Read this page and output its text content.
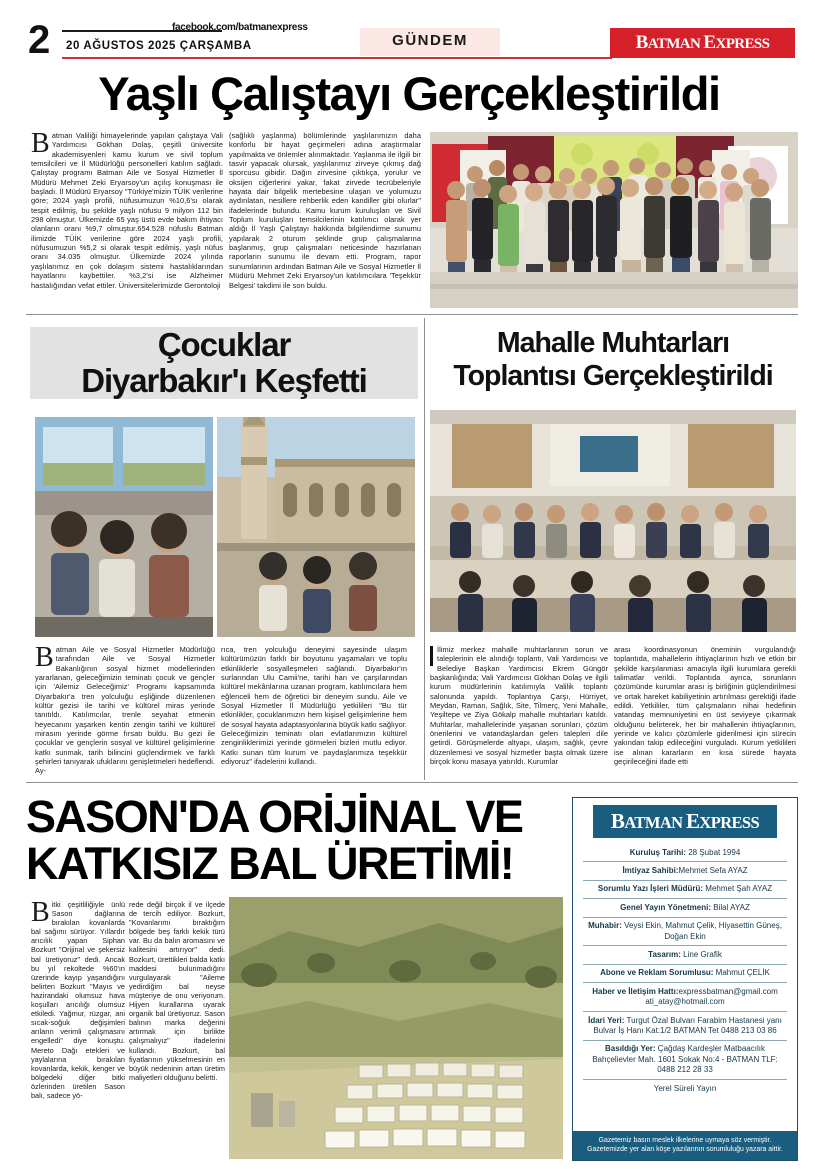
2	facebook.com/batmanexpress
20 AĞUSTOS 2025 ÇARŞAMBA	GÜNDEM	BATMAN EXPRESS
Yaşlı Çalıştayı Gerçekleştirildi
Batman Valiliği himayelerinde yapılan çalıştaya Vali Yardımcısı Gökhan Dolaş, çeşitli üniversite akademisyenleri kamu kurum ve sivil toplum temsilcileri ve İl Müdürlüğü personelleri katılım sağladı. Çalıştay programı Batman Aile ve Sosyal Hizmetler İl Müdürü Mehmet Zeki Eryarsoy'un açılış konuşması ile başladı. İl Müdürü Eryarsoy "Türkiye'mizin TÜİK verilerine göre; 2024 yaşlı profili, nüfusumuzun %10,6'sı olarak tespit edilmiş, bu şekilde yaşlı nüfusu 9 milyon 112 bin 298 olmuştur. Ülkemizde 65 yaş üstü evde bakım ihtiyacı olanların oranı %9,7 olmuştur.654.528 nüfuslu Batman ilimizde TÜİK verilerine göre 2024 yaşlı profili, nüfusumuzun %5,2 si olarak tespit edilmiş, yaşlı nüfus oranı 34.035 olmuştur. Ülkemizde 2024 yılında yaşlılarımız en çok dolaşım sistemi hastalıklarından hayatlarını kaybettiler. %3,2'si ise Alzheimer hastalığından vefat ettiler. Üniversitelerimizde Gerontoloji
(sağlıklı yaşlanma) bölümlerinde yaşlılarımızın daha konforlu bir hayat geçirmeleri adına araştırmalar yapılmakta ve önlemler alınmaktadır. Yaşlanma ile ilgili bir tasvir yapacak olursak, yaşlılarımız zirveye çıkmış dağ sporcusu gibidir. Dağın zirvesine çıktıkça, yorulur ve oksijen ciğerlerini yakar, fakat zirvede tecrübeleriyle hayata dair bilgelik mertebesine ulaşan ve yolumuzu aydınlatan, nesillere rehberlik eden kandiller gibi olurlar" ifadelerinde bulundu. Kamu kurum kuruluşları ve Sivil Toplum kuruluşları temsilcilerinin katılımcı olarak yer aldığı İl Yaşlı Çalıştayı hakkında bilgilendirme sunumu yapılarak 2 oturum şeklinde grup çalışmalarına başlanmış, grup çalışmaları neticesinde hazırlanan raporların sunumu ile devam etti. Program, rapor sunumlarının ardından Batman Aile ve Sosyal Hizmetler İl Müdürü Mehmet Zeki Eryarsoy'un katılımcılara 'Teşekkür Belgesi' takdimi ile son buldu.
Çocuklar
Diyarbakır'ı Keşfetti
Mahalle Muhtarları
Toplantısı Gerçekleştirildi
Batman Aile ve Sosyal Hizmetler Müdürlüğü tarafından Aile ve Sosyal Hizmetler Bakanlığının sosyal hizmet modellerinden yararlanan, geleceğimizin teminatı çocuk ve gençler için 'Ailemiz Geleceğimiz' Programı kapsamında Diyarbakır'a tren yolculuğu eşliğinde düzenlenen kültür gezisi ile tarihi ve kültürel miras yerinde tanıtıldı. Katılımcılar, trenle seyahat etmenin heyecanını yaşarken kentin zengin tarihi ve kültürel mirasını yerinde görme fırsatı buldu. Bu gezi ile çocuklar ve gençlerin sosyal ve kültürel gelişimlerine katkı sunmak, tarih bilincini güçlendirmek ve farklı şehirleri tanıyarak ufuklarını genişletmeleri hedeflendi. Ay-
rıca, tren yolculuğu deneyimi sayesinde ulaşım kültürümüzün farklı bir boyutunu yaşamaları ve toplu etkinliklerle sosyalleşmeleri sağlandı. Diyarbakır'ın surlarından Ulu Camii'ne, tarihi han ve çarşılarından kültürel mekânlarına uzanan program, katılımcılara hem eğlenceli hem de öğretici bir deneyim sundu. Aile ve Sosyal Hizmetler İl Müdürlüğü yetkilileri "Bu tür etkinlikler, çocuklarımızın hem kişisel gelişimlerine hem de sosyal hayata adaptasyonlarına büyük katkı sağlıyor. Geleceğimizin teminatı olan evlatlarımızın kültürel zenginliklerimizi yerinde görmeleri bizleri mutlu ediyor. Katkı sunan tüm kurum ve paydaşlarımıza teşekkür ediyoruz" ifadelerini kullandı.
İlimiz merkez mahalle muhtarlarının sorun ve taleplerinin ele alındığı toplantı, Vali Yardımcısı ve Belediye Başkan Yardımcısı Ekrem Güngör başkanlığında; Vali Yardımcısı Gökhan Dolaş ve ilgili kurum müdürlerinin katılımıyla Valilik toplantı salonunda yapıldı. Toplantıya Çarşı, Hürriyet, Meydan, Raman, Sağlık, Site, Tilmerç, Yeni Mahalle, Yeşiltepe ve Ziya Gökalp mahalle muhtarları katıldı. Muhtarlar, mahallelerinde yaşanan sorunları, çözüm önerilerini ve vatandaşlardan gelen talepleri dile getirdi. Görüşmelerde altyapı, ulaşım, sağlık, çevre düzenlemesi ve sosyal hizmetler başta olmak üzere birçok konu masaya yatırıldı. Kurumlar
arası koordinasyonun öneminin vurgulandığı toplantıda, mahallelerin ihtiyaçlarının hızlı ve etkin bir şekilde karşılanması amacıyla ilgili kurumlara gerekli talimatlar verildi. Toplantıda ayrıca, sorunların çözümünde kurumlar arası iş birliğinin güçlendirilmesi ve ortak hareket kabiliyetinin artırılması gerektiği ifade edildi. Yetkililer, tüm çalışmaların nihai hedefinin vatandaş memnuniyetini en üst seviyeye çıkarmak olduğunu belirterek, her bir mahallenin ihtiyaçlarının, yerinde ve kalıcı çözümlerle giderilmesi için sürecin yakından takip edileceğini vurguladı. Kurum yetkilileri ise alınan kararların en kısa sürede hayata geçirileceğini ifade etti
SASON'DA ORİJİNAL VE
KATKISIZ BAL ÜRETİMİ!
Bitki çeşitliliğiyle ünlü Sason dağlarına bırakılan kovanlarda bal sağımı sürüyor. Yıllardır arıcılık yapan Siphan Bozkurt "Orijinal ve şekersiz bal üretiyoruz" dedi. Ancak bu yıl rekoltede %60'ın üzerinde kayıp yaşandığını belirten Bozkurt "Mayıs ve hazirandaki olumsuz hava koşulları arıcılığı olumsuz etkiledi. Yağmur, rüzgar, ani sıcak-soğuk değişimleri arıların verimli çalışmasını engelledi" diye konuştu. Mereto Dağı etekleri ve yaylalarına bırakılan kovanlarda, kekik, kenger ve bölgedeki diğer bitki özlerinden üretilen Sason balı, sadece yö-
rede değil birçok il ve ilçede de tercih ediliyor. Bozkurt, "Kovanlarımı bıraktığım bölgede beş farklı kekik türü var. Bu da balın aromasını ve kalitesini artırıyor" dedi. Bozkurt, ürettikleri balda katkı maddesi bulunmadığını vurgulayarak "Aileme yedirdiğim bal neyse müşteriye de onu veriyorum. Hijyen kurallarına uyarak organik bal üretiyoruz. Sason balının marka değerini artırmak için birlikte çalışmalıyız" ifadelerini kullandı. Bozkurt, bal fiyatlarının yükselmesinin en büyük nedeninin artan üretim maliyetleri olduğunu belirtti.
BATMAN EXPRESS
Kuruluş Tarihi: 28 Şubat 1994
İmtiyaz Sahibi:Mehmet Sefa AYAZ
Sorumlu Yazı İşleri Müdürü: Mehmet Şah AYAZ
Genel Yayın Yönetmeni: Bilal AYAZ
Muhabir: Veysi Ekin, Mahmut Çelik, Hiyasettin Güneş, Doğan Ekin
Tasarım: Line Grafik
Abone ve Reklam Sorumlusu: Mahmut ÇELİK
Haber ve İletişim Hattı:expressbatman@gmail.com
ati_atay@hotmail.com
İdari Yeri: Turgut Özal Bulvarı Farabim Hastanesi yanı Bulvar İş Hanı Kat:1/2 BATMAN Tet 0488 213 03 86
Basıldığı Yer: Çağdaş Kardeşler Matbaacılık Bahçelievler Mah. 1601 Sokak No:4 - BATMAN TLF: 0488 212 28 33
Yerel Süreli Yayın
Gazetemiz basın meslek ilkelerine uymaya söz vermiştir.
Gazetemizde yer alan köşe yazılarının sorumluluğu yazara aittir.
